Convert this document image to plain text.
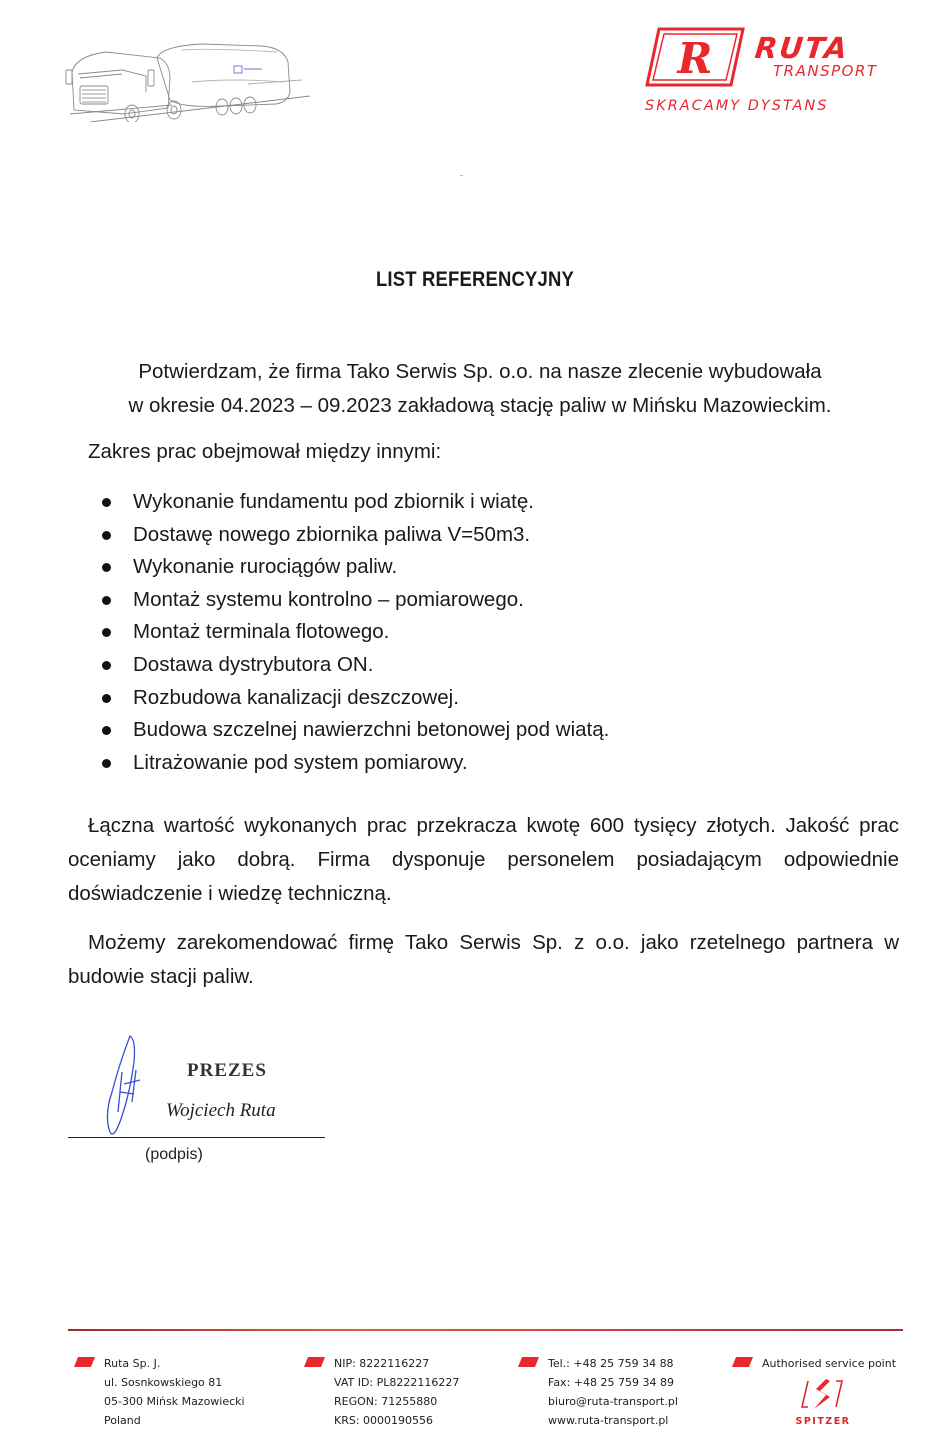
R RUTA
TRANSPORT
SKRACAMY DYSTANS
LIST REFERENCYJNY
Potwierdzam, że firma Tako Serwis Sp. o.o. na nasze zlecenie wybudowała
w okresie 04.2023 – 09.2023 zakładową stację paliw w Mińsku Mazowieckim.
Zakres prac obejmował między innymi:
Wykonanie fundamentu pod zbiornik i wiatę.
Dostawę nowego zbiornika paliwa V=50m3.
Wykonanie rurociągów paliw.
Montaż systemu kontrolno – pomiarowego.
Montaż terminala flotowego.
Dostawa dystrybutora ON.
Rozbudowa kanalizacji deszczowej.
Budowa szczelnej nawierzchni betonowej pod wiatą.
Litrażowanie pod system pomiarowy.
Łączna wartość wykonanych prac przekracza kwotę 600 tysięcy złotych. Jakość prac oceniamy jako dobrą. Firma dysponuje personelem posiadającym odpowiednie doświadczenie i wiedzę techniczną.
Możemy zarekomendować firmę Tako Serwis Sp. z o.o. jako rzetelnego partnera w budowie stacji paliw.
PREZES
Wojciech Ruta
(podpis)
Ruta Sp. J.
ul. Sosnkowskiego 81
05-300 Mińsk Mazowiecki
Poland
NIP: 8222116227
VAT ID: PL8222116227
REGON: 71255880
KRS: 0000190556
Tel.: +48 25 759 34 88
Fax: +48 25 759 34 89
biuro@ruta-transport.pl
www.ruta-transport.pl
Authorised service point
SPITZER
